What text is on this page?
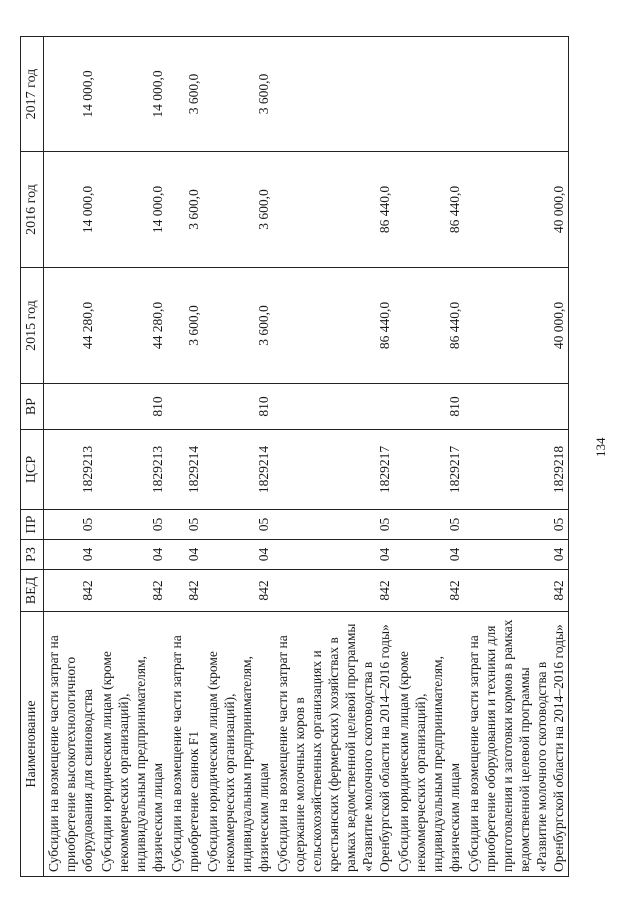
134
Наименование	ВЕД	РЗ	ПР	ЦСР	ВР	2015 год	2016 год	2017 год
Субсидии на возмещение части затрат на приобретение высокотехнологичного оборудования для свиноводства	842	04	05	1829213		44 280,0	14 000,0	14 000,0
Субсидии юридическим лицам (кроме некоммерческих организаций), индивидуальным предпринимателям, физическим лицам	842	04	05	1829213	810	44 280,0	14 000,0	14 000,0
Субсидии на возмещение части затрат на приобретение свинок F1	842	04	05	1829214		3 600,0	3 600,0	3 600,0
Субсидии юридическим лицам (кроме некоммерческих организаций), индивидуальным предпринимателям, физическим лицам	842	04	05	1829214	810	3 600,0	3 600,0	3 600,0
Субсидии на возмещение части затрат на содержание молочных коров в сельскохозяйственных организациях и крестьянских (фермерских) хозяйствах в рамках ведомственной целевой программы «Развитие молочного скотоводства в Оренбургской области на 2014–2016 годы»	842	04	05	1829217		86 440,0	86 440,0	
Субсидии юридическим лицам (кроме некоммерческих организаций), индивидуальным предпринимателям, физическим лицам	842	04	05	1829217	810	86 440,0	86 440,0	
Субсидии на возмещение части затрат на приобретение оборудования и техники для приготовления и заготовки кормов в рамках ведомственной целевой программы «Развитие молочного скотоводства в Оренбургской области на 2014–2016 годы»	842	04	05	1829218		40 000,0	40 000,0	
